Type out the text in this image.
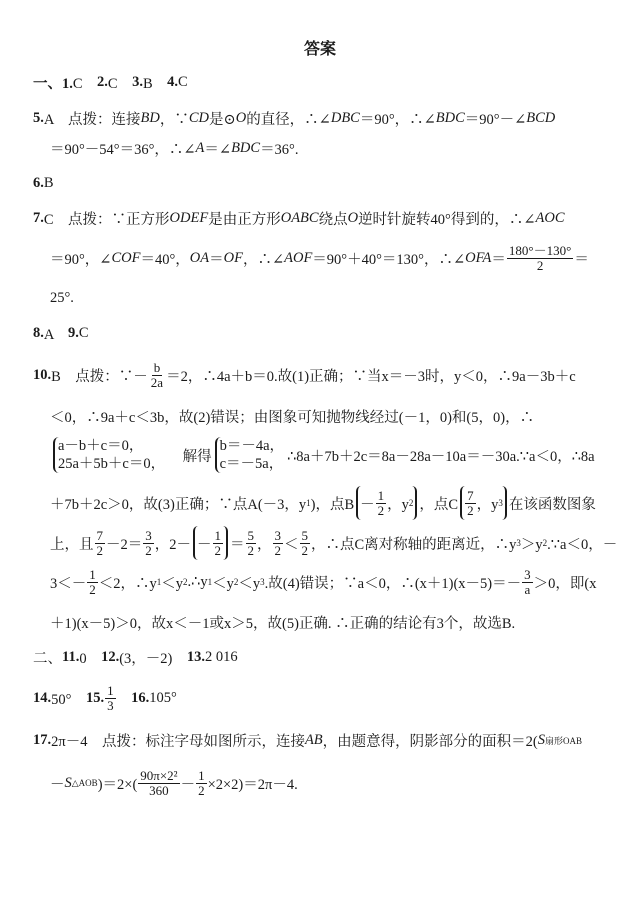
答案
一、1. C　 2. C　 3. B　 4. C
5. A　点拨：连接 BD ，∵ CD 是⊙ O 的直径，∴∠ DBC ＝90°，∴∠ BDC ＝90°－∠ BCD
＝90°－54°＝36°，∴∠ A ＝∠ BDC ＝36°.
6. B
7. C　点拨：∵正方形 ODEF 是由正方形 OABC 绕点 O 逆时针旋转40°得到的，∴∠ AOC
＝90°，∠ COF ＝40°， OA ＝ OF ，∴∠ AOF ＝90°＋40°＝130°，∴∠ OFA ＝ $\frac{180^\circ-130^\circ}{2}$ ＝
25°.
8. A　 9. C
10. B　点拨：∵－ $\frac{b}{2a} =2$，∴4a＋b＝0.故(1)正确；∵当x＝－3时，y＜0，∴9a－3b＋c
＜0，∴9a＋c＜3b，故(2)错误；由图象可知抛物线经过(－1，0)和(5，0)，∴
a－b＋c＝0，
25a＋5b＋c＝0， 　解得
b＝－4a，
c＝－5a， ∴8a＋7b＋2c＝8a－28a－10a＝－30a.∵a＜0，∴8a
＋7b＋2c＞0，故(3)正确；∵点A(－3，y 1 )，点$B - \frac{1}{2}$ ，y 2 ，点C $\frac{7}{2}$ ，y 3 在该函数图象
上，且 $\frac{7}{2} -2= \frac{3}{2}$ ，$2- - \frac{1}{2} = \frac{5}{2}$ ， $\frac{3}{2} < \frac{5}{2}$ ，∴点C离对称轴的距离近，∴y 3 ＞y 2 .∵a＜0，－
$3<- \frac{1}{2} <2$，∴y 1 ＜y 2 .∴y 1 ＜y 2 ＜y 3 .故(4)错误；∵a＜0，∴(x＋1)(x－5)＝－ $\frac{3}{a} >0$，即(x
＋1)(x－5)＞0，故x＜－1或x＞5，故(5)正确. ∴正确的结论有3个，故选B.
二、 11. 0　 12. (3，－2)　 13. 2 016
14. 50°　 15. $\frac{1}{3}$
　 16. 105°
17. 2π－4　点拨：标注字母如图所示，连接 AB ，由题意得，阴影部分的面积＝2( S 扇形OAB
－ S △AOB )$=2\times( \frac{\text{90π×2²}}{360} - \frac{1}{2} \times 2\times 2)=2\pi-4$.
